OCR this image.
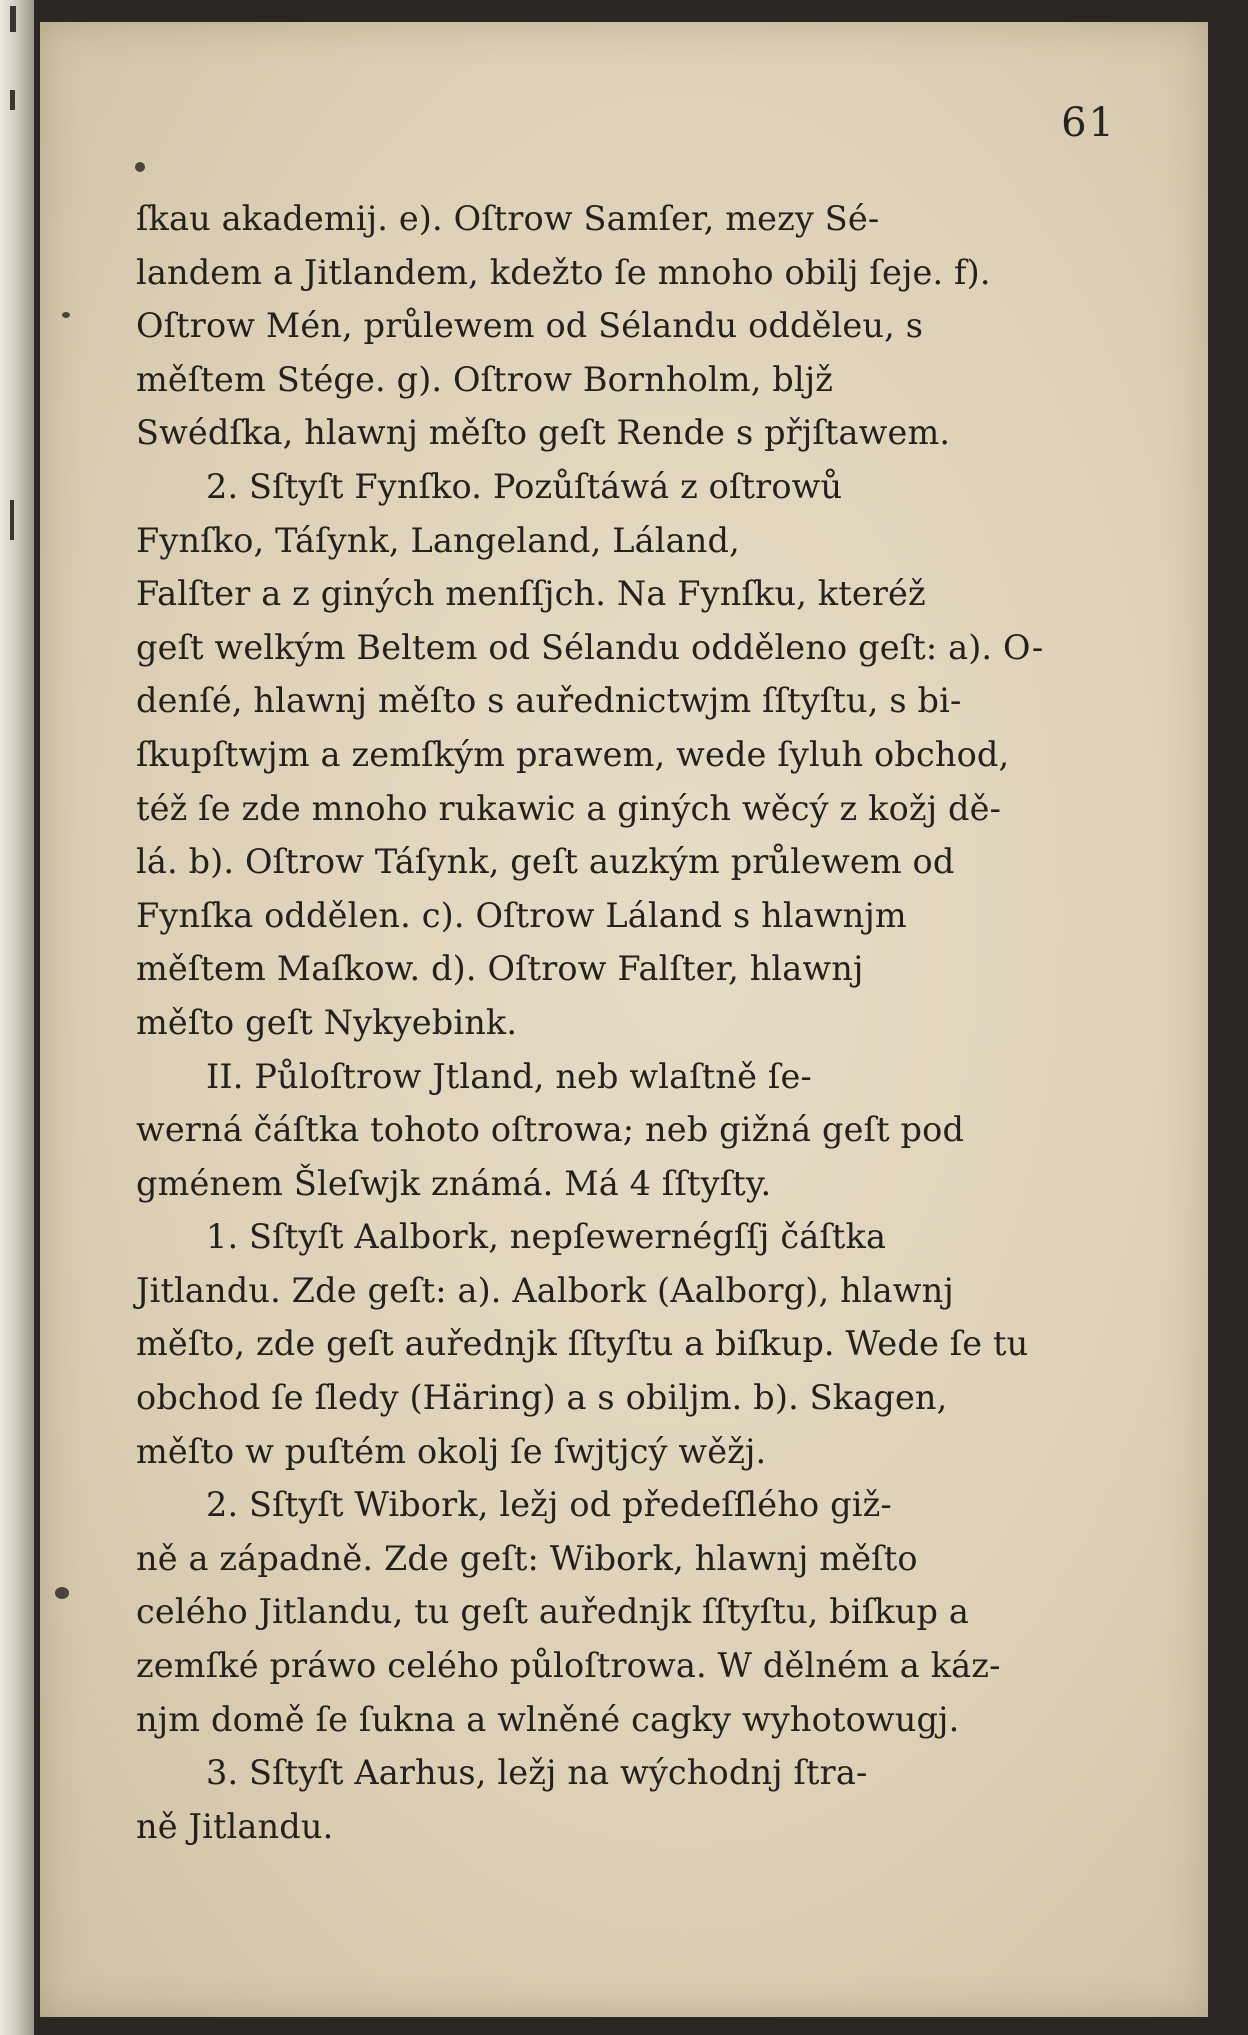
61
ſkau akademij. e). Oſtrow Samſer, mezy Sé-
landem a Jitlandem, kdežto ſe mnoho obilj ſeje. f).
Oſtrow Mén, průlewem od Sélandu odděleu, s
měſtem Stége. g). Oſtrow Bornholm, bljž
Swédſka, hlawnj měſto geſt Rende s přjſtawem.
2. Sſtyſt Fynſko. Pozůſtáwá z oſtrowů
Fynſko, Táſynk, Langeland, Láland,
Falſter a z giných menſſjch. Na Fynſku, kteréž
geſt welkým Beltem od Sélandu odděleno geſt: a). O-
denſé, hlawnj měſto s auřednictwjm ſſtyſtu, s bi-
ſkupſtwjm a zemſkým prawem, wede ſyluh obchod,
též ſe zde mnoho rukawic a giných wěcý z kožj dě-
lá. b). Oſtrow Táſynk, geſt auzkým průlewem od
Fynſka oddělen. c). Oſtrow Láland s hlawnjm
měſtem Maſkow. d). Oſtrow Falſter, hlawnj
měſto geſt Nykyebink.
II. Půloſtrow Jtland, neb wlaſtně ſe-
werná čáſtka tohoto oſtrowa; neb gižná geſt pod
gménem Šleſwjk známá. Má 4 ſſtyſty.
1. Sſtyſt Aalbork, nepſewernégſſj čáſtka
Jitlandu. Zde geſt: a). Aalbork (Aalborg), hlawnj
měſto, zde geſt auřednjk ſſtyſtu a biſkup. Wede ſe tu
obchod ſe ſledy (Häring) a s obiljm. b). Skagen,
měſto w puſtém okolj ſe ſwjtjcý wěžj.
2. Sſtyſt Wibork, ležj od předeſſlého giž-
ně a západně. Zde geſt: Wibork, hlawnj měſto
celého Jitlandu, tu geſt auřednjk ſſtyſtu, biſkup a
zemſké práwo celého půloſtrowa. W dělném a káz-
njm domě ſe ſukna a wlněné cagky wyhotowugj.
3. Sſtyſt Aarhus, ležj na wýchodnj ſtra-
ně Jitlandu.
